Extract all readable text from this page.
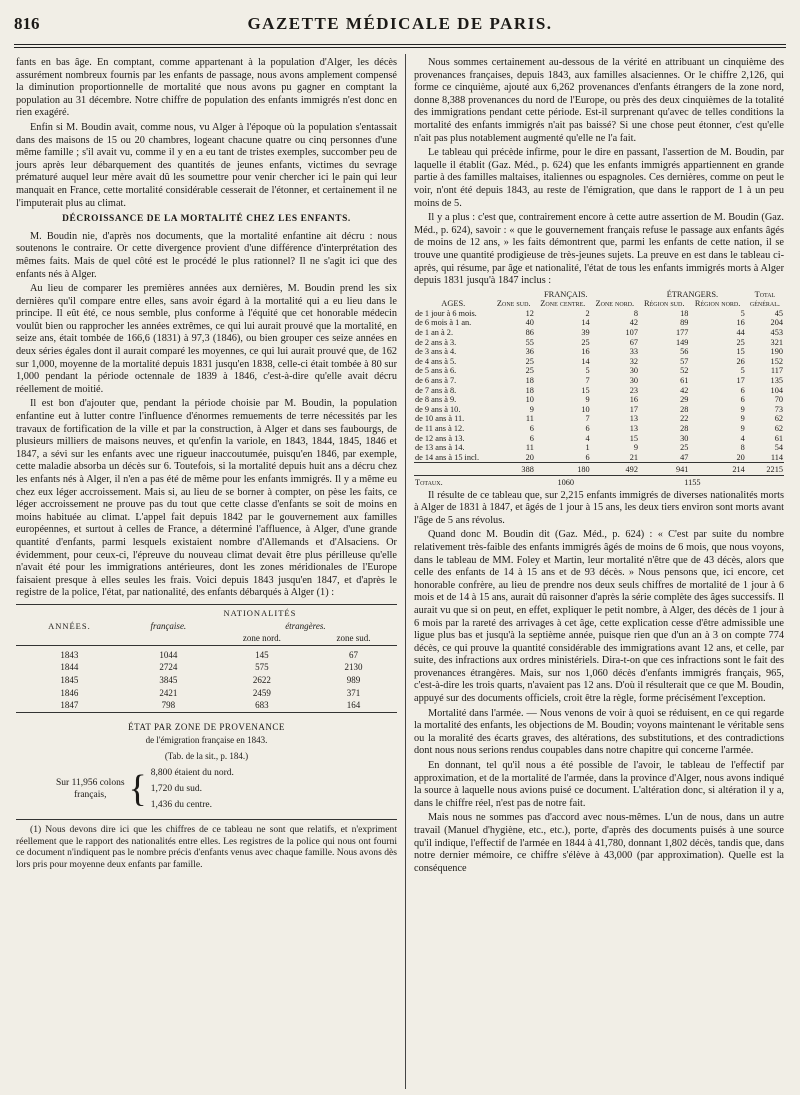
816	GAZETTE MÉDICALE DE PARIS.

fants en bas âge. En comptant, comme appartenant à la population d'Alger, les décès assurément nombreux fournis par les enfants de passage, nous avons amplement compensé la diminution proportionnelle de mortalité que nous avons pu gagner en comptant la population au 31 décembre. Notre chiffre de population des enfants immigrés n'est donc en rien exagéré.

Enfin si M. Boudin avait, comme nous, vu Alger à l'époque où la population s'entassait dans des maisons de 15 ou 20 chambres, logeant chacune quatre ou cinq personnes d'une même famille ; s'il avait vu, comme il y en a eu tant de tristes exemples, succomber peu de jours après leur débarquement des quantités de jeunes enfants, victimes du sevrage prématuré auquel leur mère avait dû les soumettre pour venir chercher ici le pain qui leur manquait en France, cette mortalité considérable cesserait de l'étonner, et certainement il ne l'imputerait plus au climat.

DÉCROISSANCE DE LA MORTALITÉ CHEZ LES ENFANTS.

M. Boudin nie, d'après nos documents, que la mortalité enfantine ait décru : nous soutenons le contraire. Or cette divergence provient d'une différence d'interprétation des mêmes faits. Mais de quel côté est le procédé le plus rationnel? Il ne s'agit ici que des enfants nés à Alger.

Au lieu de comparer les premières années aux dernières, M. Boudin prend les six dernières qu'il compare entre elles, sans avoir égard à la mortalité qui a eu lieu dans le principe. Il eût été, ce nous semble, plus conforme à l'équité que cet honorable médecin voulût bien ou rapprocher les années extrêmes, ce qui lui aurait prouvé que la mortalité, en seize ans, était tombée de 166,6 (1831) à 97,3 (1846), ou bien grouper ces seize années en deux séries égales dont il aurait comparé les moyennes, ce qui lui aurait prouvé que, de 162 sur 1,000, moyenne de la mortalité depuis 1831 jusqu'en 1838, celle-ci était tombée à 80 sur 1,000 pendant la période octennale de 1839 à 1846, c'est-à-dire qu'elle avait décru réellement de moitié.

Il est bon d'ajouter que, pendant la période choisie par M. Boudin, la population enfantine eut à lutter contre l'influence d'énormes remuements de terre nécessités par les travaux de fortification de la ville et par la construction, à Alger et dans ses faubourgs, de plusieurs milliers de maisons neuves, et qu'enfin la variole, en 1843, 1844, 1845, 1846 et 1847, a sévi sur les enfants avec une rigueur inaccoutumée, puisqu'en 1846, par exemple, cette maladie absorba un décès sur 6. Toutefois, si la mortalité depuis huit ans a décru chez les enfants nés à Alger, il n'en a pas été de même pour les enfants immigrés. Il y a même eu chez eux léger accroissement. Mais si, au lieu de se borner à compter, on pèse les faits, ce léger accroissement ne prouve pas du tout que cette classe d'enfants se soit de moins en moins habituée au climat. L'appel fait depuis 1842 par le gouvernement aux familles européennes, et surtout à celles de France, a déterminé l'affluence, à Alger, d'une grande quantité d'enfants, parmi lesquels existaient nombre d'Allemands et d'Alsaciens. Or évidemment, pour ceux-ci, l'épreuve du nouveau climat devait être plus périlleuse qu'elle n'avait été pour les immigrations antérieures, dont les zones méridionales de l'Europe faisaient presque à elles seules les frais. Voici depuis 1843 jusqu'en 1847, et d'après le registre de la police, l'état, par nationalité, des enfants débarqués à Alger (1) :

	NATIONALITÉS		
ANNÉES.	française.	étrangères.	
		zone nord.	zone sud.

1843	1044	145	67
1844	2724	575	2130
1845	3845	2622	989
1846	2421	2459	371
1847	798	683	164

ÉTAT PAR ZONE DE PROVENANCE
de l'émigration française en 1843.
(Tab. de la sit., p. 184.)
Sur 11,956 colons
français, { 8,800 étaient du nord.
1,720 du sud.
1,436 du centre.

(1) Nous devons dire ici que les chiffres de ce tableau ne sont que relatifs, et n'expriment réellement que le rapport des nationalités entre elles. Les registres de la police qui nous ont fourni ce document n'indiquent pas le nombre précis d'enfants venus avec chaque famille. Nous avons dès lors pris pour moyenne deux enfants par famille.

Nous sommes certainement au-dessous de la vérité en attribuant un cinquième des provenances françaises, depuis 1843, aux familles alsaciennes. Or le chiffre 2,126, qui forme ce cinquième, ajouté aux 6,262 provenances d'enfants étrangers de la zone nord, donne 8,388 provenances du nord de l'Europe, ou près des deux cinquièmes de la totalité des immigrations pendant cette période. Est-il surprenant qu'avec de telles conditions la mortalité des enfants immigrés n'ait pas baissé? Si une chose peut étonner, c'est qu'elle n'ait pas plus notablement augmenté qu'elle ne l'a fait.

Le tableau qui précède infirme, pour le dire en passant, l'assertion de M. Boudin, par laquelle il établit (Gaz. Méd., p. 624) que les enfants immigrés appartiennent en grande partie à des familles maltaises, italiennes ou espagnoles. Ces dernières, comme on peut le voir, n'ont été depuis 1843, au reste de l'émigration, que dans le rapport de 1 à un peu moins de 5.

Il y a plus : c'est que, contrairement encore à cette autre assertion de M. Boudin (Gaz. Méd., p. 624), savoir : « que le gouvernement français refuse le passage aux enfants âgés de moins de 12 ans, » les faits démontrent que, parmi les enfants de cette nation, il se trouve une quantité prodigieuse de très-jeunes sujets. La preuve en est dans le tableau ci-après, qui résume, par âge et nationalité, l'état de tous les enfants immigrés morts à Alger depuis 1831 jusqu'à 1847 inclus :

	FRANÇAIS.			ÉTRANGERS.		Total
AGES.	Zone sud.	Zone centre.	Zone nord.	Région sud.	Région nord.	général.
de 1 jour à 6 mois.	12	2	8	18	5	45
de 6 mois à 1 an.	40	14	42	89	16	204
de 1 an à 2.	86	39	107	177	44	453
de 2 ans à 3.	55	25	67	149	25	321
de 3 ans à 4.	36	16	33	56	15	190
de 4 ans à 5.	25	14	32	57	26	152
de 5 ans à 6.	25	5	30	52	5	117
de 6 ans à 7.	18	7	30	61	17	135
de 7 ans à 8.	18	15	23	42	6	104
de 8 ans à 9.	10	9	16	29	6	70
de 9 ans à 10.	9	10	17	28	9	73
de 10 ans à 11.	11	7	13	22	9	62
de 11 ans à 12.	6	6	13	28	9	62
de 12 ans à 13.	6	4	15	30	4	61
de 13 ans à 14.	11	1	9	25	8	54
de 14 ans à 15 incl.	20	6	21	47	20	114
	388	180	492	941	214	2215
Totaux.	1060			1155		

Il résulte de ce tableau que, sur 2,215 enfants immigrés de diverses nationalités morts à Alger de 1831 à 1847, et âgés de 1 jour à 15 ans, les deux tiers environ sont morts avant l'âge de 5 ans révolus.

Quand donc M. Boudin dit (Gaz. Méd., p. 624) : « C'est par suite du nombre relativement très-faible des enfants immigrés âgés de moins de 6 mois, que nous voyons, dans le tableau de MM. Foley et Martin, leur mortalité n'être que de 43 décès, alors que celle des enfants de 14 à 15 ans et de 93 décès. » Nous pensons que, ici encore, cet honorable confrère, au lieu de prendre nos deux seuls chiffres de mortalité de 1 jour à 6 mois et de 14 à 15 ans, aurait dû raisonner d'après la série complète des âges successifs. Il aurait vu que si on peut, en effet, expliquer le petit nombre, à Alger, des décès de 1 jour à 6 mois par la rareté des arrivages à cet âge, cette explication cesse d'être admissible une ligue plus bas et jusqu'à la septième année, puisque rien que d'un an à 3 on compte 774 décès, ce qui prouve la quantité considérable des immigrations avant 12 ans, et celle, par suite, des infractions aux ordres ministériels. Dira-t-on que ces infractions sont le fait des provenances étrangères. Mais, sur nos 1,060 décès d'enfants immigrés français, 965, c'est-à-dire les trois quarts, n'avaient pas 12 ans. D'où il résulterait que ce que M. Boudin, appuyé sur des documents officiels, croit être la règle, forme précisément l'exception.

Mortalité dans l'armée. — Nous venons de voir à quoi se réduisent, en ce qui regarde la mortalité des enfants, les objections de M. Boudin; voyons maintenant le véritable sens ou la moralité des écarts graves, des altérations, des substitutions, et des contradictions dont nous nous serions rendus coupables dans notre chapitre qui concerne l'armée.

En donnant, tel qu'il nous a été possible de l'avoir, le tableau de l'effectif par approximation, et de la mortalité de l'armée, dans la province d'Alger, nous avons indiqué la source à laquelle nous avions puisé ce document. L'altération donc, si altération il y a, dans le chiffre réel, n'est pas de notre fait.

Mais nous ne sommes pas d'accord avec nous-mêmes. L'un de nous, dans un autre travail (Manuel d'hygiène, etc., etc.), porte, d'après des documents puisés à une source qu'il indique, l'effectif de l'armée en 1844 à 41,780, donnant 1,802 décès, tandis que, dans notre dernier mémoire, ce chiffre s'élève à 43,000 (par approximation). Quelle est la conséquence
